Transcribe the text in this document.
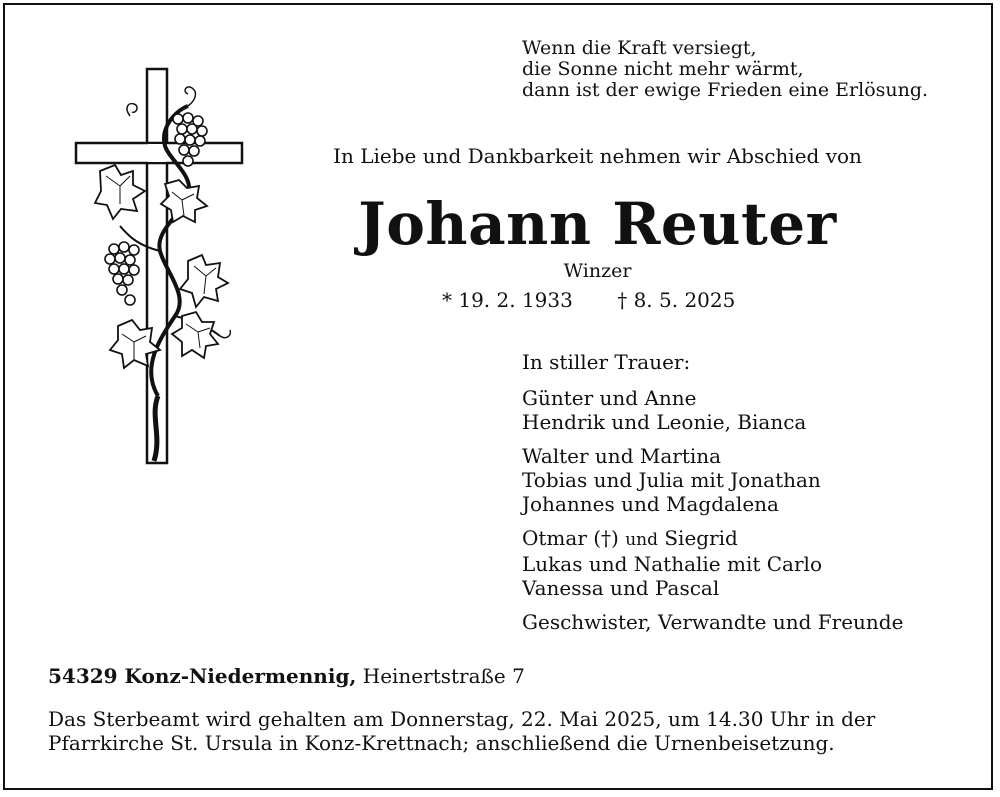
Wenn die Kraft versiegt,
die Sonne nicht mehr wärmt,
dann ist der ewige Frieden eine Erlösung.
In Liebe und Dankbarkeit nehmen wir Abschied von
Johann Reuter
Winzer
* 19. 2. 1933 † 8. 5. 2025
In stiller Trauer:
Günter und Anne
Hendrik und Leonie, Bianca
Walter und Martina
Tobias und Julia mit Jonathan
Johannes und Magdalena
Otmar (†) und Siegrid
Lukas und Nathalie mit Carlo
Vanessa und Pascal
Geschwister, Verwandte und Freunde
54329 Konz-Niedermennig, Heinertstraße 7
Das Sterbeamt wird gehalten am Donnerstag, 22. Mai 2025, um 14.30 Uhr in der
Pfarrkirche St. Ursula in Konz-Krettnach; anschließend die Urnenbeisetzung.
